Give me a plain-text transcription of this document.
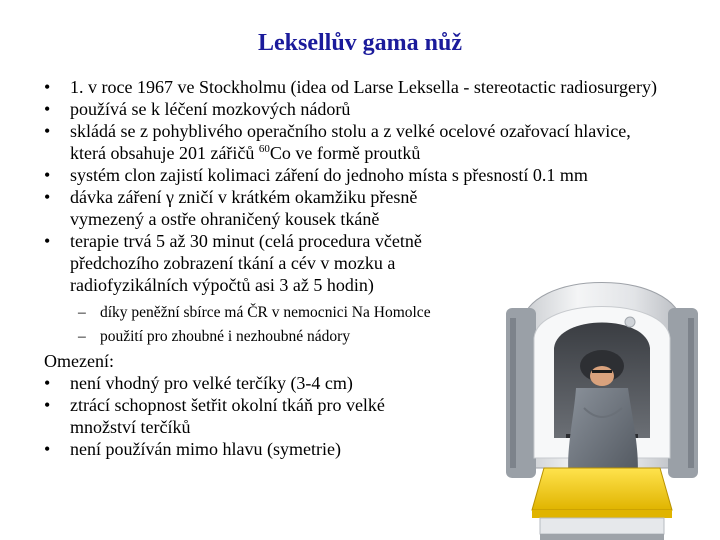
Leksellův gama nůž
•	1. v roce 1967 ve Stockholmu (idea od Larse Leksella - stereotactic radiosurgery)
•	používá se k léčení mozkových nádorů
•	skládá se z pohyblivého operačního stolu a z velké ocelové ozařovací hlavice, která obsahuje 201 zářičů $^{60}$Co ve formě proutků
•	systém clon zajistí kolimaci záření do jednoho místa s přesností 0.1 mm
•	dávka záření γ zničí v krátkém okamžiku přesně vymezený a ostře ohraničený kousek tkáně
•	terapie trvá 5 až 30 minut (celá procedura včetně předchozího zobrazení tkání a cév v mozku a radiofyzikálních výpočtů asi 3 až 5 hodin)
– díky peněžní sbírce má ČR v nemocnici Na Homolce
– použití pro zhoubné i nezhoubné nádory
Omezení:
•	není vhodný pro velké terčíky (3-4 cm)
•	ztrácí schopnost šetřit okolní tkáň pro velké množství terčíků
•	není používán mimo hlavu (symetrie)
